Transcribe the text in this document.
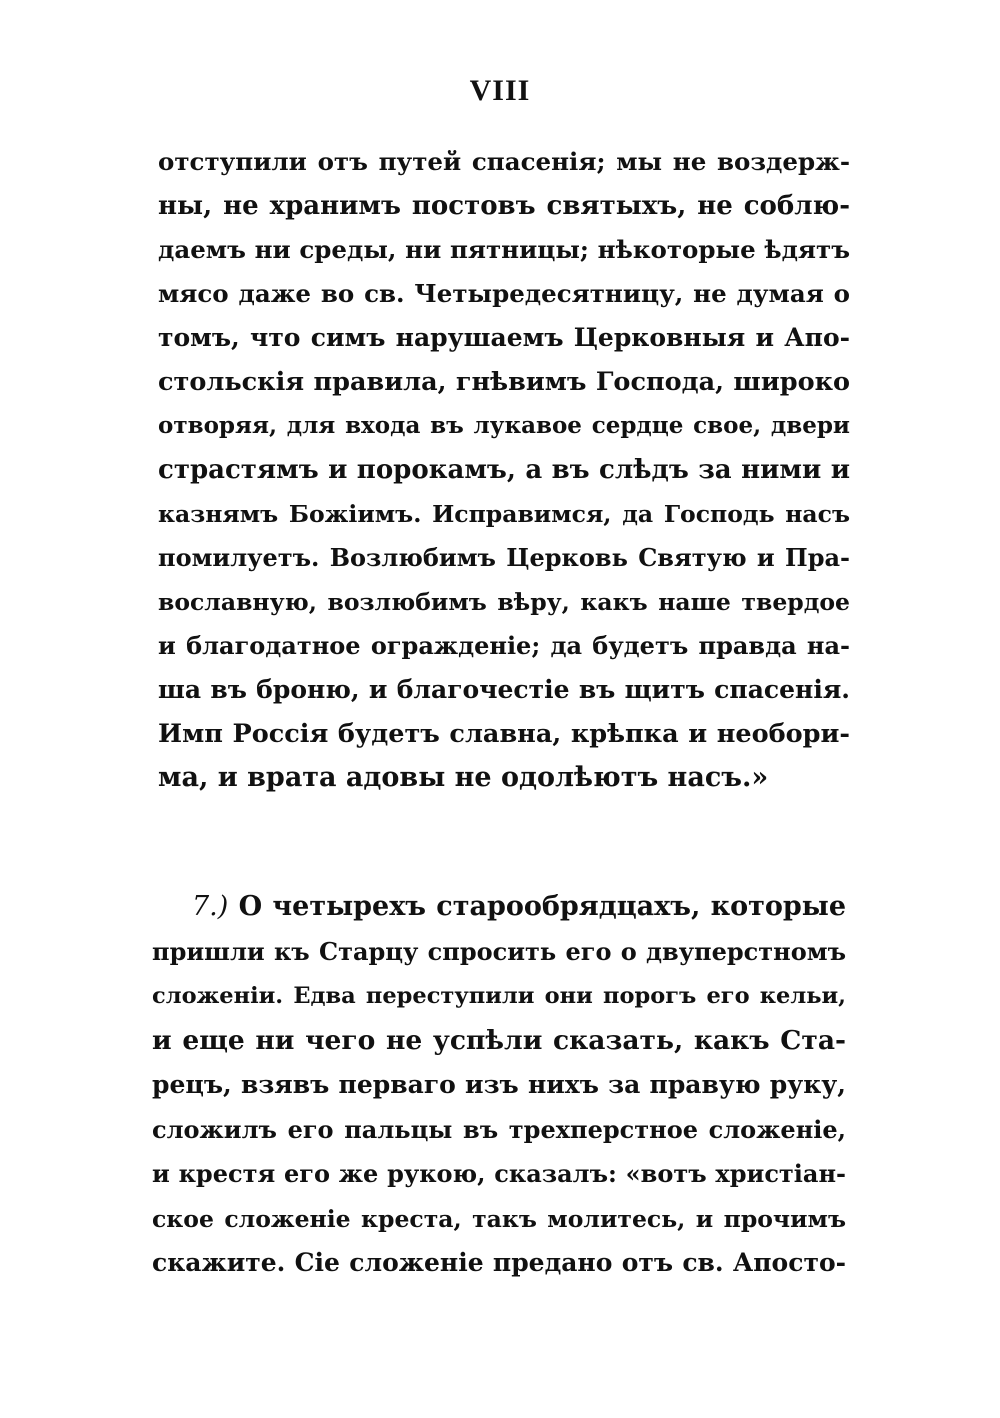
VIII
отступили отъ путей спасенія; мы не воздерж-
ны, не хранимъ постовъ святыхъ, не соблю-
даемъ ни среды, ни пятницы; нѣкоторые ѣдятъ
мясо даже во св. Четыредесятницу, не думая о
томъ, что симъ нарушаемъ Церковныя и Апо-
стольскія правила, гнѣвимъ Господа, широко
отворяя, для входа въ лукавое сердце свое, двери
страстямъ и порокамъ, а въ слѣдъ за ними и
казнямъ Божіимъ. Исправимся, да Господь насъ
помилуетъ. Возлюбимъ Церковь Святую и Пра-
вославную, возлюбимъ вѣру, какъ наше твердое
и благодатное огражденіе; да будетъ правда на-
ша въ броню, и благочестіе въ щитъ спасенія.
Имп Россія будетъ славна, крѣпка и необори-
ма, и врата адовы не одолѣютъ насъ.»
7.) О четырехъ старообрядцахъ, которые
пришли къ Старцу спросить его о двуперстномъ
сложенiи. Едва переступили они порогъ его кельи,
и еще ни чего не успѣли сказать, какъ Ста-
рецъ, взявъ перваго изъ нихъ за правую руку,
сложилъ его пальцы въ трехперстное сложеніе,
и крестя его же рукою, сказалъ: «вотъ христіан-
ское сложеніе креста, такъ молитесь, и прочимъ
скажите. Сіе сложеніе предано отъ св. Апосто-
